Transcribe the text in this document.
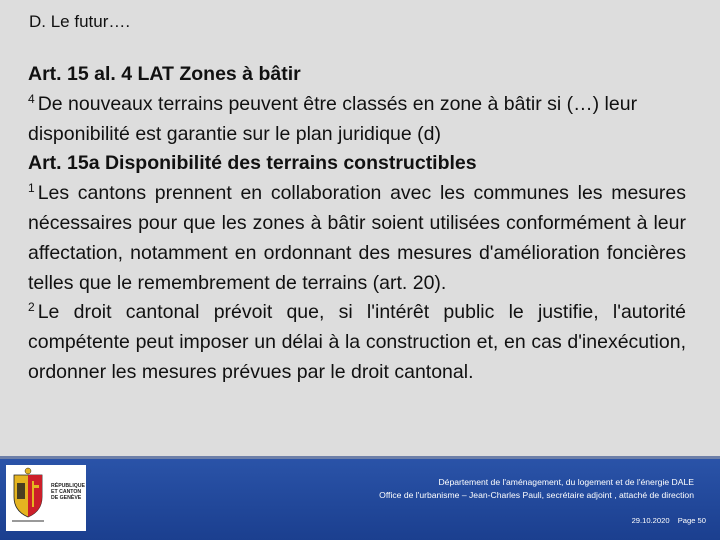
D. Le futur….

Art. 15 al. 4 LAT Zones à bâtir

$^4$ De nouveaux terrains peuvent être classés en zone à bâtir si (…) leur disponibilité est garantie sur le plan juridique (d)

Art. 15a Disponibilité des terrains constructibles

$^1$ Les cantons prennent en collaboration avec les communes les mesures nécessaires pour que les zones à bâtir soient utilisées conformément à leur affectation, notamment en ordonnant des mesures d'amélioration foncières telles que le remembrement de terrains (art. 20).

$^2$ Le droit cantonal prévoit que, si l'intérêt public le justifie, l'autorité compétente peut imposer un délai à la construction et, en cas d'inexécution, ordonner les mesures prévues par le droit cantonal.

RÉPUBLIQUE
ET CANTON
DE GENÈVE
Département de l'aménagement, du logement et de l'énergie DALE
Office de l'urbanisme – Jean-Charles Pauli, secrétaire adjoint , attaché de direction
29.10.2020 Page 50
